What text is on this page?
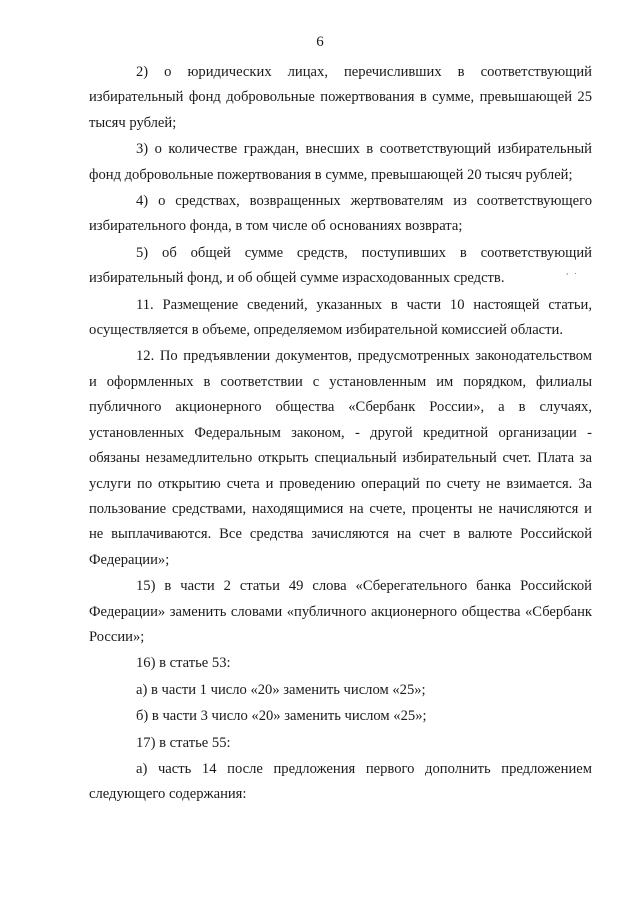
6
, .

2) о юридических лицах, перечисливших в соответствующий избирательный фонд добровольные пожертвования в сумме, превышающей 25 тысяч рублей;

3) о количестве граждан, внесших в соответствующий избирательный фонд добровольные пожертвования в сумме, превышающей 20 тысяч рублей;

4) о средствах, возвращенных жертвователям из соответствующего избирательного фонда, в том числе об основаниях возврата;

5) об общей сумме средств, поступивших в соответствующий избирательный фонд, и об общей сумме израсходованных средств.

11. Размещение сведений, указанных в части 10 настоящей статьи, осуществляется в объеме, определяемом избирательной комиссией области.

12. По предъявлении документов, предусмотренных законодательством и оформленных в соответствии с установленным им порядком, филиалы публичного акционерного общества «Сбербанк России», а в случаях, установленных Федеральным законом, - другой кредитной организации - обязаны незамедлительно открыть специальный избирательный счет. Плата за услуги по открытию счета и проведению операций по счету не взимается. За пользование средствами, находящимися на счете, проценты не начисляются и не выплачиваются. Все средства зачисляются на счет в валюте Российской Федерации»;

15) в части 2 статьи 49 слова «Сберегательного банка Российской Федерации» заменить словами «публичного акционерного общества «Сбербанк России»;

16) в статье 53:

а) в части 1 число «20» заменить числом «25»;

б) в части 3 число «20» заменить числом «25»;

17) в статье 55:

а) часть 14 после предложения первого дополнить предложением следующего содержания:
